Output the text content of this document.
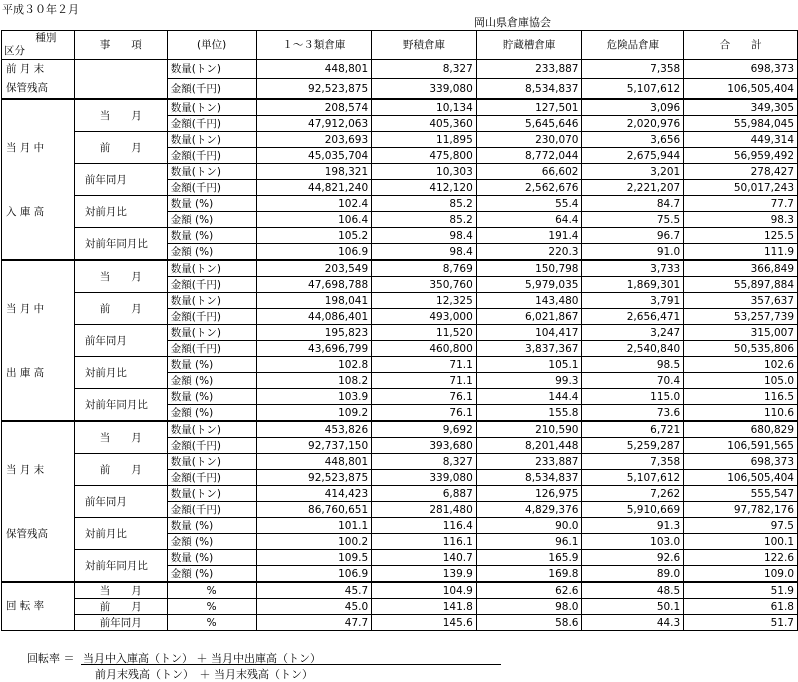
平成３０年２月
岡山県倉庫協会
種別
区分	事　　項	(単位)	１～３類倉庫	野積倉庫	貯蔵槽倉庫	危険品倉庫	合　　計

前 月 末
保管残高		数量(トン)	448,801	8,327	233,887	7,358	698,373
		金額(千円)	92,523,875	339,080	8,534,837	5,107,612	106,505,404

当 月 中
入 庫 高	当　　月	数量(トン)	208,574	10,134	127,501	3,096	349,305
		金額(千円)	47,912,063	405,360	5,645,646	2,020,976	55,984,045
	前　　月	数量(トン)	203,693	11,895	230,070	3,656	449,314
		金額(千円)	45,035,704	475,800	8,772,044	2,675,944	56,959,492
	前年同月	数量(トン)	198,321	10,303	66,602	3,201	278,427
		金額(千円)	44,821,240	412,120	2,562,676	2,221,207	50,017,243
	対前月比	数量 (%)	102.4	85.2	55.4	84.7	77.7
		金額 (%)	106.4	85.2	64.4	75.5	98.3
	対前年同月比	数量 (%)	105.2	98.4	191.4	96.7	125.5
		金額 (%)	106.9	98.4	220.3	91.0	111.9

当 月 中
出 庫 高	当　　月	数量(トン)	203,549	8,769	150,798	3,733	366,849
		金額(千円)	47,698,788	350,760	5,979,035	1,869,301	55,897,884
	前　　月	数量(トン)	198,041	12,325	143,480	3,791	357,637
		金額(千円)	44,086,401	493,000	6,021,867	2,656,471	53,257,739
	前年同月	数量(トン)	195,823	11,520	104,417	3,247	315,007
		金額(千円)	43,696,799	460,800	3,837,367	2,540,840	50,535,806
	対前月比	数量 (%)	102.8	71.1	105.1	98.5	102.6
		金額 (%)	108.2	71.1	99.3	70.4	105.0
	対前年同月比	数量 (%)	103.9	76.1	144.4	115.0	116.5
		金額 (%)	109.2	76.1	155.8	73.6	110.6

当 月 末
保管残高	当　　月	数量(トン)	453,826	9,692	210,590	6,721	680,829
		金額(千円)	92,737,150	393,680	8,201,448	5,259,287	106,591,565
	前　　月	数量(トン)	448,801	8,327	233,887	7,358	698,373
		金額(千円)	92,523,875	339,080	8,534,837	5,107,612	106,505,404
	前年同月	数量(トン)	414,423	6,887	126,975	7,262	555,547
		金額(千円)	86,760,651	281,480	4,829,376	5,910,669	97,782,176
	対前月比	数量 (%)	101.1	116.4	90.0	91.3	97.5
		金額 (%)	100.2	116.1	96.1	103.0	100.1
	対前年同月比	数量 (%)	109.5	140.7	165.9	92.6	122.6
		金額 (%)	106.9	139.9	169.8	89.0	109.0

回 転 率	当　　月	%	45.7	104.9	62.6	48.5	51.9
	前　　月	%	45.0	141.8	98.0	50.1	61.8
	前年同月	%	47.7	145.6	58.6	44.3	51.7
回転率 ＝ 当月中入庫高（トン） ＋ 当月中出庫高（トン）
前月末残高（トン）　＋ 当月末残高（トン）
